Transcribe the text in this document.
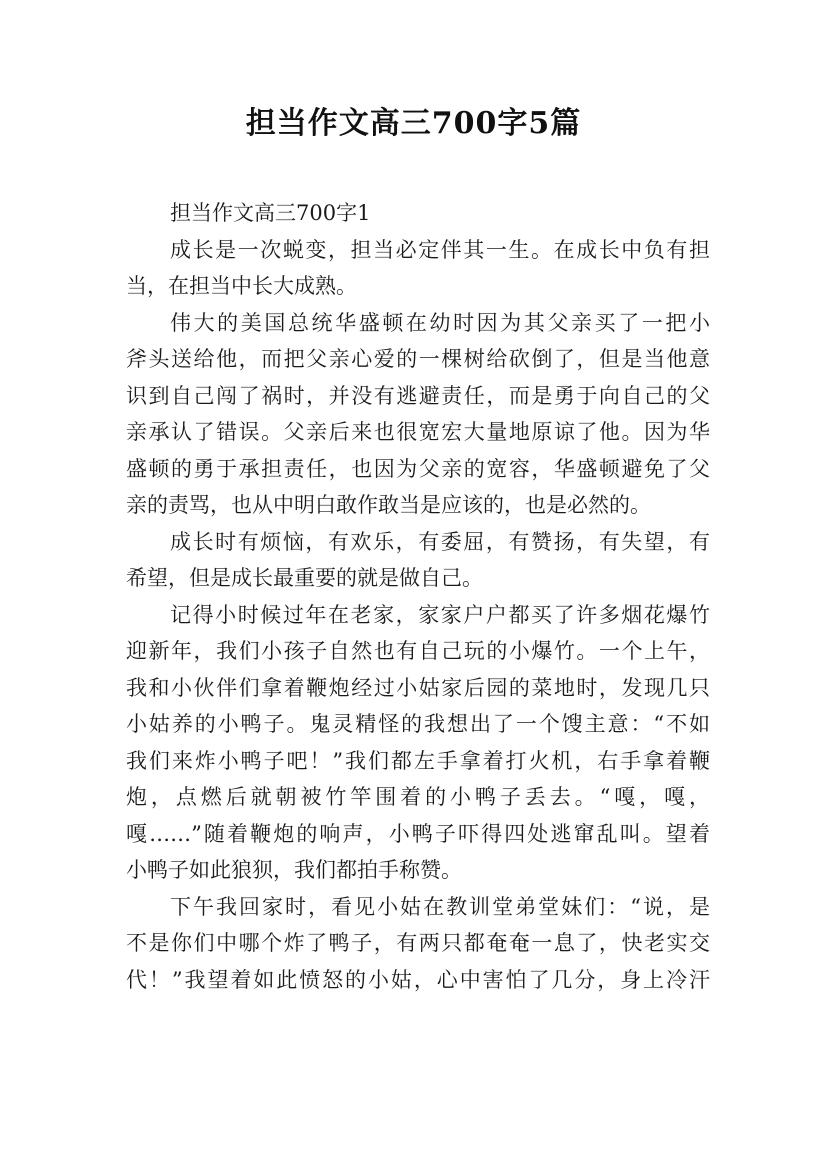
担当作文高三700字5篇
担当作文高三700字1
成长是一次蜕变，担当必定伴其一生。在成长中负有担
当，在担当中长大成熟。
伟大的美国总统华盛顿在幼时因为其父亲买了一把小
斧头送给他，而把父亲心爱的一棵树给砍倒了，但是当他意
识到自己闯了祸时，并没有逃避责任，而是勇于向自己的父
亲承认了错误。父亲后来也很宽宏大量地原谅了他。因为华
盛顿的勇于承担责任，也因为父亲的宽容，华盛顿避免了父
亲的责骂，也从中明白敢作敢当是应该的，也是必然的。
成长时有烦恼，有欢乐，有委屈，有赞扬，有失望，有
希望，但是成长最重要的就是做自己。
记得小时候过年在老家，家家户户都买了许多烟花爆竹
迎新年，我们小孩子自然也有自己玩的小爆竹。一个上午，
我和小伙伴们拿着鞭炮经过小姑家后园的菜地时，发现几只
小姑养的小鸭子。鬼灵精怪的我想出了一个馊主意：“不如
我们来炸小鸭子吧！”我们都左手拿着打火机，右手拿着鞭
炮，点燃后就朝被竹竿围着的小鸭子丢去。“嘎，嘎，
嘎……”随着鞭炮的响声，小鸭子吓得四处逃窜乱叫。望着
小鸭子如此狼狈，我们都拍手称赞。
下午我回家时，看见小姑在教训堂弟堂妹们：“说，是
不是你们中哪个炸了鸭子，有两只都奄奄一息了，快老实交
代！”我望着如此愤怒的小姑，心中害怕了几分，身上冷汗
